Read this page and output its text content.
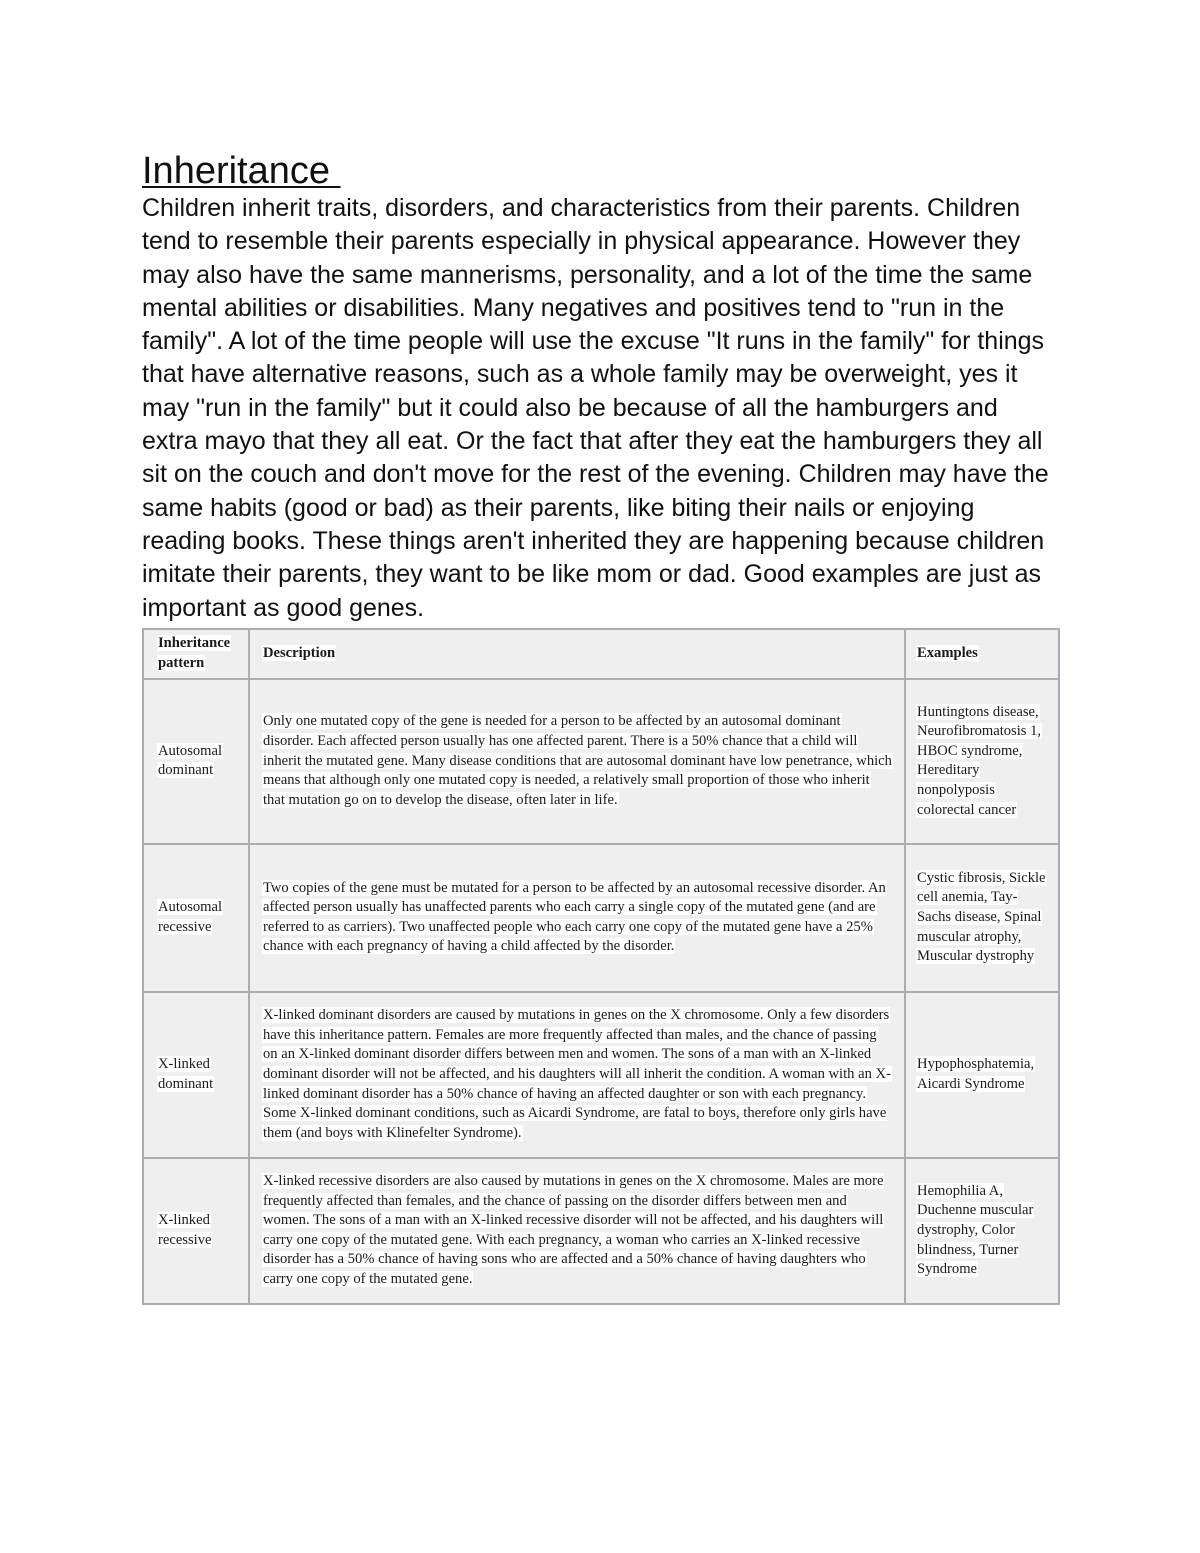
Inheritance

Children inherit traits, disorders, and characteristics from their parents. Children tend to resemble their parents especially in physical appearance. However they may also have the same mannerisms, personality, and a lot of the time the same mental abilities or disabilities. Many negatives and positives tend to "run in the family". A lot of the time people will use the excuse "It runs in the family" for things that have alternative reasons, such as a whole family may be overweight, yes it may "run in the family" but it could also be because of all the hamburgers and extra mayo that they all eat. Or the fact that after they eat the hamburgers they all sit on the couch and don't move for the rest of the evening. Children may have the same habits (good or bad) as their parents, like biting their nails or enjoying reading books. These things aren't inherited they are happening because children imitate their parents, they want to be like mom or dad. Good examples are just as important as good genes.

Inheritance pattern	Description	Examples
Autosomal dominant	Only one mutated copy of the gene is needed for a person to be affected by an autosomal dominant disorder. Each affected person usually has one affected parent. There is a 50% chance that a child will inherit the mutated gene. Many disease conditions that are autosomal dominant have low penetrance, which means that although only one mutated copy is needed, a relatively small proportion of those who inherit that mutation go on to develop the disease, often later in life.	Huntingtons disease, Neurofibromatosis 1, HBOC syndrome, Hereditary nonpolyposis colorectal cancer
Autosomal recessive	Two copies of the gene must be mutated for a person to be affected by an autosomal recessive disorder. An affected person usually has unaffected parents who each carry a single copy of the mutated gene (and are referred to as carriers). Two unaffected people who each carry one copy of the mutated gene have a 25% chance with each pregnancy of having a child affected by the disorder.	Cystic fibrosis, Sickle cell anemia, Tay-Sachs disease, Spinal muscular atrophy, Muscular dystrophy
X-linked dominant	X-linked dominant disorders are caused by mutations in genes on the X chromosome. Only a few disorders have this inheritance pattern. Females are more frequently affected than males, and the chance of passing on an X-linked dominant disorder differs between men and women. The sons of a man with an X-linked dominant disorder will not be affected, and his daughters will all inherit the condition. A woman with an X-linked dominant disorder has a 50% chance of having an affected daughter or son with each pregnancy. Some X-linked dominant conditions, such as Aicardi Syndrome, are fatal to boys, therefore only girls have them (and boys with Klinefelter Syndrome).	Hypophosphatemia, Aicardi Syndrome
X-linked recessive	X-linked recessive disorders are also caused by mutations in genes on the X chromosome. Males are more frequently affected than females, and the chance of passing on the disorder differs between men and women. The sons of a man with an X-linked recessive disorder will not be affected, and his daughters will carry one copy of the mutated gene. With each pregnancy, a woman who carries an X-linked recessive disorder has a 50% chance of having sons who are affected and a 50% chance of having daughters who carry one copy of the mutated gene.	Hemophilia A, Duchenne muscular dystrophy, Color blindness, Turner Syndrome
